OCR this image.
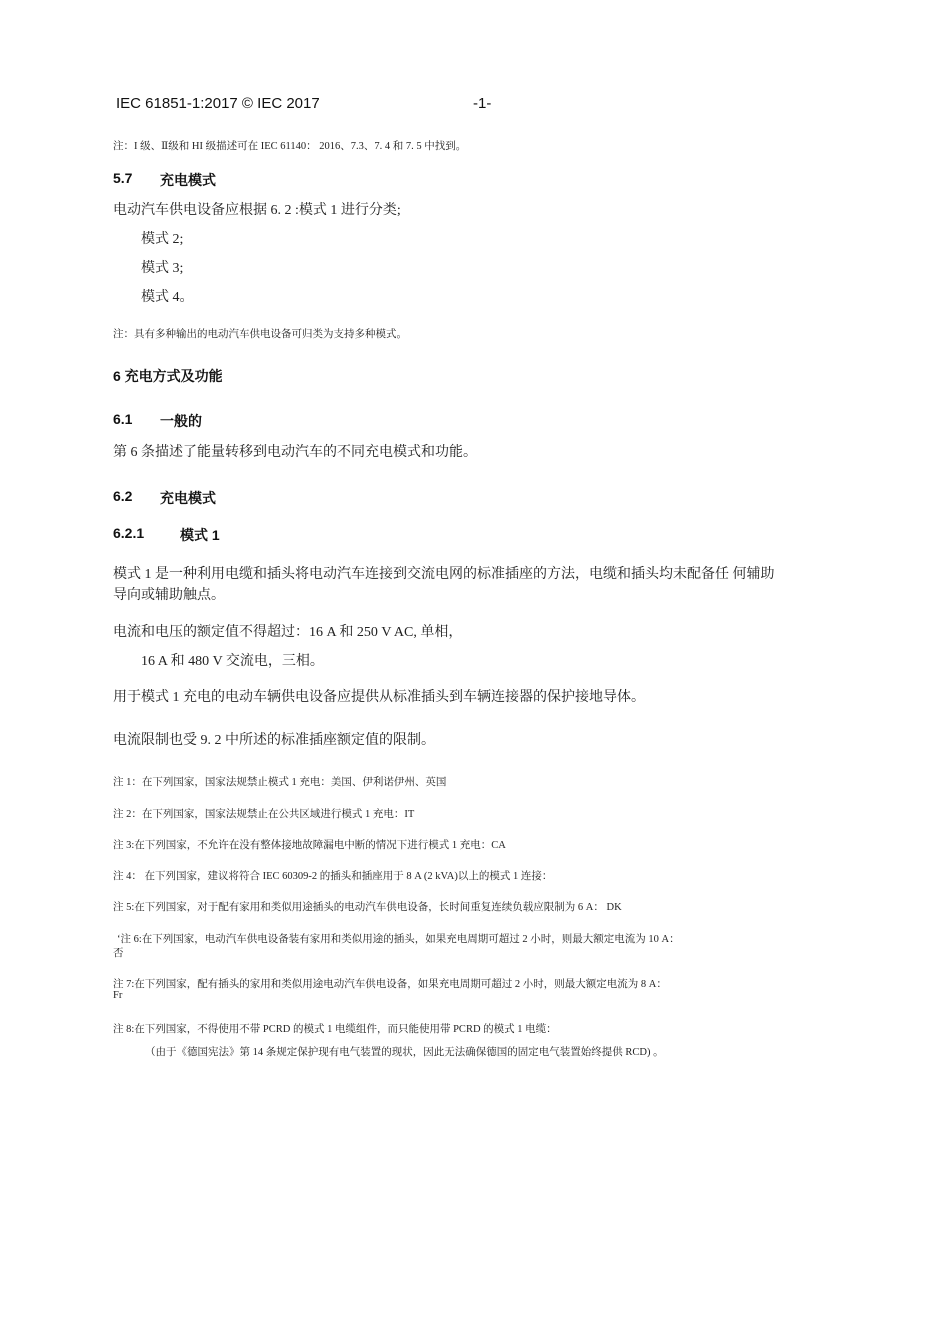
IEC 61851-1:2017 © IEC 2017	-1-
注：I 级、Ⅱ级和 HI 级描述可在 IEC 61140： 2016、7.3、7. 4 和 7. 5 中找到。
5.7 充电模式
电动汽车供电设备应根据 6. 2 :模式 1 进行分类;
模式 2;
模式 3;
模式 4。
注：具有多种输出的电动汽车供电设备可归类为支持多种模式。
6 充电方式及功能
6.1 一般的
第 6 条描述了能量转移到电动汽车的不同充电模式和功能。
6.2 充电模式
6.2.1	模式 1
模式 1 是一种利用电缆和插头将电动汽车连接到交流电网的标准插座的方法，电缆和插头均未配备任 何辅助
导向或辅助触点。
电流和电压的额定值不得超过：16 A 和 250 V AC, 单相，
16 A 和 480 V 交流电，三相。
用于模式 1 充电的电动车辆供电设备应提供从标准插头到车辆连接器的保护接地导体。
电流限制也受 9. 2 中所述的标准插座额定值的限制。
注 1：在下列国家，国家法规禁止模式 1 充电：美国、伊利诺伊州、英国
注 2：在下列国家，国家法规禁止在公共区域进行模式 1 充电：IT
注 3:在下列国家，不允许在没有整体接地故障漏电中断的情况下进行模式 1 充电：CA
注 4： 在下列国家，建议将符合 IEC 60309-2 的插头和插座用于 8 A (2 kVA)以上的模式 1 连接：
注 5:在下列国家，对于配有家用和类似用途插头的电动汽车供电设备，长时间重复连续负载应限制为 6 A： DK
‘注 6:在下列国家，电动汽车供电设备装有家用和类似用途的插头，如果充电周期可超过 2 小时，则最大额定电流为 10 A：
否
注 7:在下列国家，配有插头的家用和类似用途电动汽车供电设备，如果充电周期可超过 2 小时，则最大额定电流为 8 A：
Fr
注 8:在下列国家，不得使用不带 PCRD 的模式 1 电缆组件，而只能使用带 PCRD 的模式 1 电缆：
（由于《德国宪法》第 14 条规定保护现有电气装置的现状，因此无法确保德国的固定电气装置始终提供 RCD) 。
